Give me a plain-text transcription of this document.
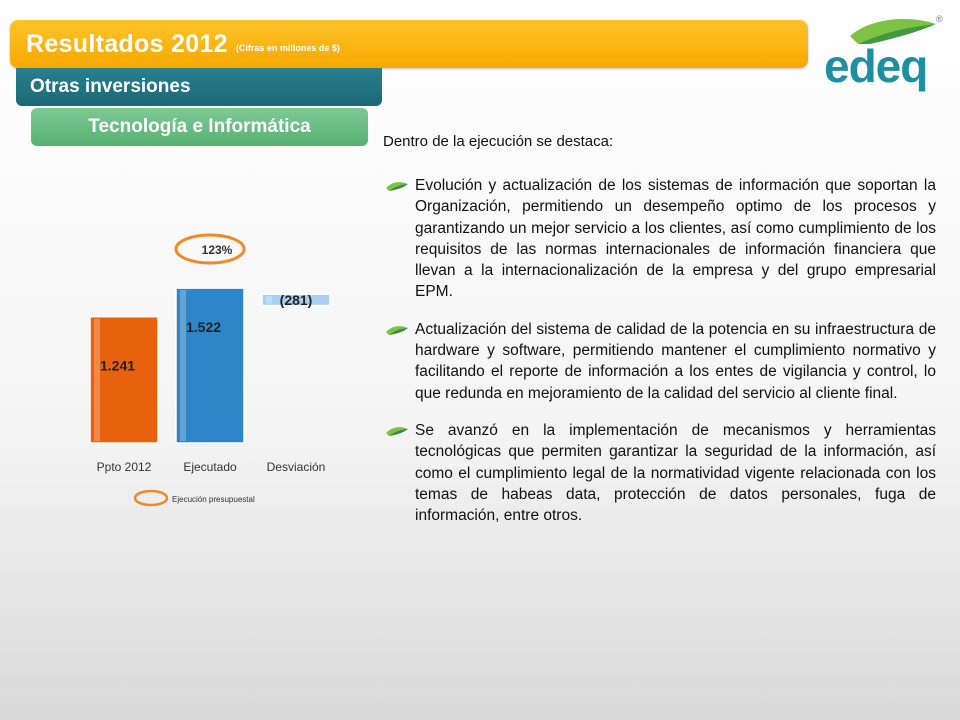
Resultados 2012 (Cifras en millones de $)
Otras inversiones
Tecnología e Informática
edeq
®
1.241
Ppto 2012
1.522
Ejecutado
(281)
Desviación
123%
Ejecución presupuestal
Dentro de la ejecución se destaca:

Evolución y actualización de los sistemas de información que soportan la Organización, permitiendo un desempeño optimo de los procesos y garantizando un mejor servicio a los clientes, así como cumplimiento de los requisitos de las normas internacionales de información financiera que llevan a la internacionalización de la empresa y del grupo empresarial EPM.

Actualización del sistema de calidad de la potencia en su infraestructura de hardware y software, permitiendo mantener el cumplimiento normativo y facilitando el reporte de información a los entes de vigilancia y control, lo que redunda en mejoramiento de la calidad del servicio al cliente final.

Se avanzó en la implementación de mecanismos y herramientas tecnológicas que permiten garantizar la seguridad de la información, así como el cumplimiento legal de la normatividad vigente relacionada con los temas de habeas data, protección de datos personales, fuga de información, entre otros.
